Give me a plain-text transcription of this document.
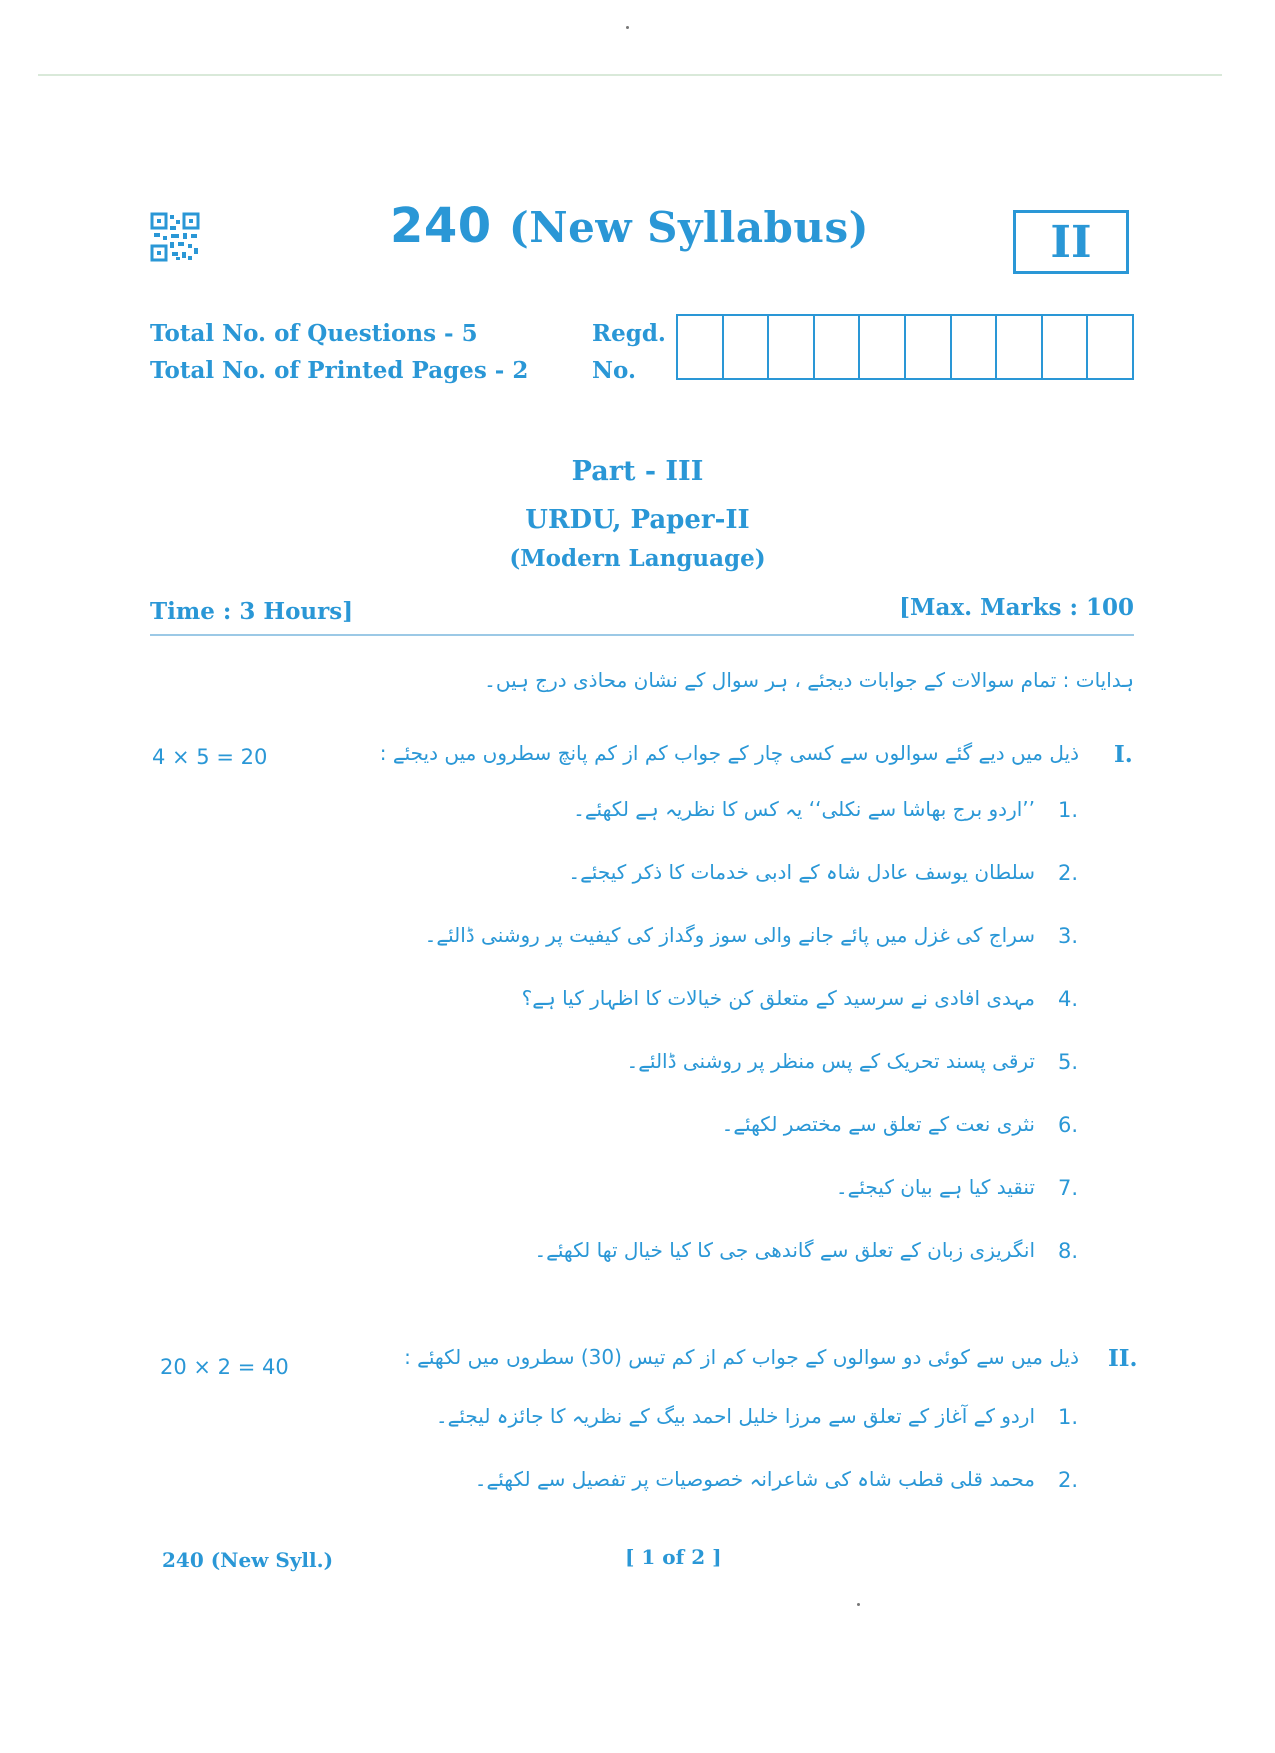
240 (New Syllabus)	II
Total No. of Questions - 5
Total No. of Printed Pages - 2
Regd.
No.
Part - III
URDU, Paper-II
(Modern Language)
Time : 3 Hours]	[Max. Marks : 100
ہدایات : تمام سوالات کے جوابات دیجئے ، ہر سوال کے نشان محاذی درج ہیں۔
I.
ذیل میں دیے گئے سوالوں سے کسی چار کے جواب کم از کم پانچ سطروں میں دیجئے :
4 × 5 = 20
1.
’’اردو برج بھاشا سے نکلی‘‘ یہ کس کا نظریہ ہے لکھئے۔
2.
سلطان یوسف عادل شاہ کے ادبی خدمات کا ذکر کیجئے۔
3.
سراج کی غزل میں پائے جانے والی سوز وگداز کی کیفیت پر روشنی ڈالئے۔
4.
مہدی افادی نے سرسید کے متعلق کن خیالات کا اظہار کیا ہے؟
5.
ترقی پسند تحریک کے پس منظر پر روشنی ڈالئے۔
6.
نثری نعت کے تعلق سے مختصر لکھئے۔
7.
تنقید کیا ہے بیان کیجئے۔
8.
انگریزی زبان کے تعلق سے گاندھی جی کا کیا خیال تھا لکھئے۔
II.
ذیل میں سے کوئی دو سوالوں کے جواب کم از کم تیس (30) سطروں میں لکھئے :
20 × 2 = 40
1.
اردو کے آغاز کے تعلق سے مرزا خلیل احمد بیگ کے نظریہ کا جائزہ لیجئے۔
2.
محمد قلی قطب شاہ کی شاعرانہ خصوصیات پر تفصیل سے لکھئے۔
240 (New Syll.)	[ 1 of 2 ]
